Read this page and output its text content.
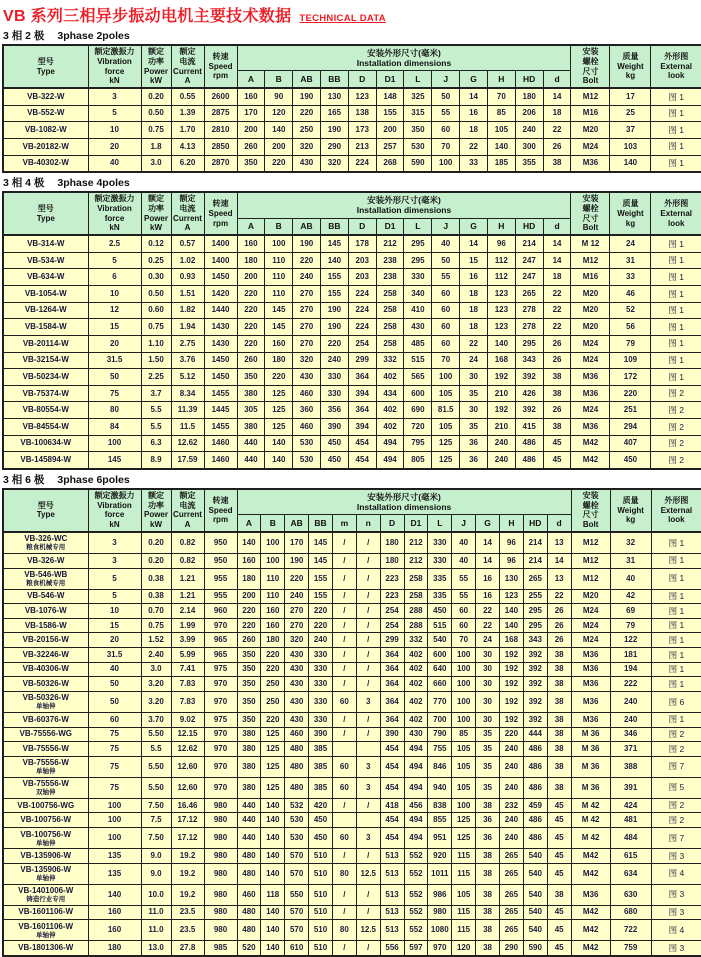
VB 系列三相异步振动电机主要技术数据 TECHNICAL DATA
3 相 2 极 3phase 2poles
型号
Type	额定激振力
Vibration
force
kN	额定
功率
Power
kW	额定
电流
Current
A	转速
Speed
rpm	安装外形尺寸(毫米)
Installation dimensions												安装
螺栓
尺寸
Bolt	质量
Weight
kg	外形图
External
look
					A	B	AB	BB	D	D1	L	J	G	H	HD	d			
VB-322-W	3	0.20	0.55	2600	160	90	190	130	123	148	325	50	14	70	180	14	M12	17	图 1
VB-552-W	5	0.50	1.39	2875	170	120	220	165	138	155	315	55	16	85	206	18	M16	25	图 1
VB-1082-W	10	0.75	1.70	2810	200	140	250	190	173	200	350	60	18	105	240	22	M20	37	图 1
VB-20182-W	20	1.8	4.13	2850	260	200	320	290	213	257	530	70	22	140	300	26	M24	103	图 1
VB-40302-W	40	3.0	6.20	2870	350	220	430	320	224	268	590	100	33	185	355	38	M36	140	图 1
3 相 4 极 3phase 4poles
型号
Type	额定激振力
Vibration
force
kN	额定
功率
Power
kW	额定
电流
Current
A	转速
Speed
rpm	安装外形尺寸(毫米)
Installation dimensions												安装
螺栓
尺寸
Bolt	质量
Weight
kg	外形图
External
look
					A	B	AB	BB	D	D1	L	J	G	H	HD	d			
VB-314-W	2.5	0.12	0.57	1400	160	100	190	145	178	212	295	40	14	96	214	14	M 12	24	图 1
VB-534-W	5	0.25	1.02	1400	180	110	220	140	203	238	295	50	15	112	247	14	M12	31	图 1
VB-634-W	6	0.30	0.93	1450	200	110	240	155	203	238	330	55	16	112	247	18	M16	33	图 1
VB-1054-W	10	0.50	1.51	1420	220	110	270	155	224	258	340	60	18	123	265	22	M20	46	图 1
VB-1264-W	12	0.60	1.82	1440	220	145	270	190	224	258	410	60	18	123	278	22	M20	52	图 1
VB-1584-W	15	0.75	1.94	1430	220	145	270	190	224	258	430	60	18	123	278	22	M20	56	图 1
VB-20114-W	20	1.10	2.75	1430	220	160	270	220	254	258	485	60	22	140	295	26	M24	79	图 1
VB-32154-W	31.5	1.50	3.76	1450	260	180	320	240	299	332	515	70	24	168	343	26	M24	109	图 1
VB-50234-W	50	2.25	5.12	1450	350	220	430	330	364	402	565	100	30	192	392	38	M36	172	图 1
VB-75374-W	75	3.7	8.34	1455	380	125	460	330	394	434	600	105	35	210	426	38	M36	220	图 2
VB-80554-W	80	5.5	11.39	1445	305	125	360	356	364	402	690	81.5	30	192	392	26	M24	251	图 2
VB-84554-W	84	5.5	11.5	1455	380	125	460	390	394	402	720	105	35	210	415	38	M36	294	图 2
VB-100634-W	100	6.3	12.62	1460	440	140	530	450	454	494	795	125	36	240	486	45	M42	407	图 2
VB-145894-W	145	8.9	17.59	1460	440	140	530	450	454	494	805	125	36	240	486	45	M42	450	图 2
3 相 6 极 3phase 6poles
型号
Type	额定激振力
Vibration
force
kN	额定
功率
Power
kW	额定
电流
Current
A	转速
Speed
rpm	安装外形尺寸(毫米)
Installation dimensions														安装
螺栓
尺寸
Bolt	质量
Weight
kg	外形图
External
look
					A	B	AB	BB	m	n	D	D1	L	J	G	H	HD	d			
VB-326-WC
粮食机械专用	3	0.20	0.82	950	140	100	170	145	/	/	180	212	330	40	14	96	214	13	M12	32	图 1
VB-326-W	3	0.20	0.82	950	160	100	190	145	/	/	180	212	330	40	14	96	214	14	M12	31	图 1
VB-546-WB
粮食机械专用	5	0.38	1.21	955	180	110	220	155	/	/	223	258	335	55	16	130	265	13	M12	40	图 1
VB-546-W	5	0.38	1.21	955	200	110	240	155	/	/	223	258	335	55	16	123	255	22	M20	42	图 1
VB-1076-W	10	0.70	2.14	960	220	160	270	220	/	/	254	288	450	60	22	140	295	26	M24	69	图 1
VB-1586-W	15	0.75	1.99	970	220	160	270	220	/	/	254	288	515	60	22	140	295	26	M24	79	图 1
VB-20156-W	20	1.52	3.99	965	260	180	320	240	/	/	299	332	540	70	24	168	343	26	M24	122	图 1
VB-32246-W	31.5	2.40	5.99	965	350	220	430	330	/	/	364	402	600	100	30	192	392	38	M36	181	图 1
VB-40306-W	40	3.0	7.41	975	350	220	430	330	/	/	364	402	640	100	30	192	392	38	M36	194	图 1
VB-50326-W	50	3.20	7.83	970	350	250	430	330	/	/	364	402	660	100	30	192	392	38	M36	222	图 1
VB-50326-W
单轴伸	50	3.20	7.83	970	350	250	430	330	60	3	364	402	770	100	30	192	392	38	M36	240	图 6
VB-60376-W	60	3.70	9.02	975	350	220	430	330	/	/	364	402	700	100	30	192	392	38	M36	240	图 1
VB-75556-WG	75	5.50	12.15	970	380	125	460	390	/	/	390	430	790	85	35	220	444	38	M 36	346	图 2
VB-75556-W	75	5.5	12.62	970	380	125	480	385			454	494	755	105	35	240	486	38	M 36	371	图 2
VB-75556-W
单轴伸	75	5.50	12.60	970	380	125	480	385	60	3	454	494	846	105	35	240	486	38	M 36	388	图 7
VB-75556-W
双轴伸	75	5.50	12.60	970	380	125	480	385	60	3	454	494	940	105	35	240	486	38	M 36	391	图 5
VB-100756-WG	100	7.50	16.46	980	440	140	532	420	/	/	418	456	838	100	38	232	459	45	M 42	424	图 2
VB-100756-W	100	7.5	17.12	980	440	140	530	450			454	494	855	125	36	240	486	45	M 42	481	图 2
VB-100756-W
单轴伸	100	7.50	17.12	980	440	140	530	450	60	3	454	494	951	125	36	240	486	45	M 42	484	图 7
VB-135906-W	135	9.0	19.2	980	480	140	570	510	/	/	513	552	920	115	38	265	540	45	M42	615	图 3
VB-135906-W
单轴伸	135	9.0	19.2	980	480	140	570	510	80	12.5	513	552	1011	115	38	265	540	45	M42	634	图 4
VB-1401006-W
铸造行业专用	140	10.0	19.2	980	460	118	550	510	/	/	513	552	986	105	38	265	540	38	M36	630	图 3
VB-1601106-W	160	11.0	23.5	980	480	140	570	510	/	/	513	552	980	115	38	265	540	45	M42	680	图 3
VB-1601106-W
单轴伸	160	11.0	23.5	980	480	140	570	510	80	12.5	513	552	1080	115	38	265	540	45	M42	722	图 4
VB-1801306-W	180	13.0	27.8	985	520	140	610	510	/	/	556	597	970	120	38	290	590	45	M42	759	图 3
